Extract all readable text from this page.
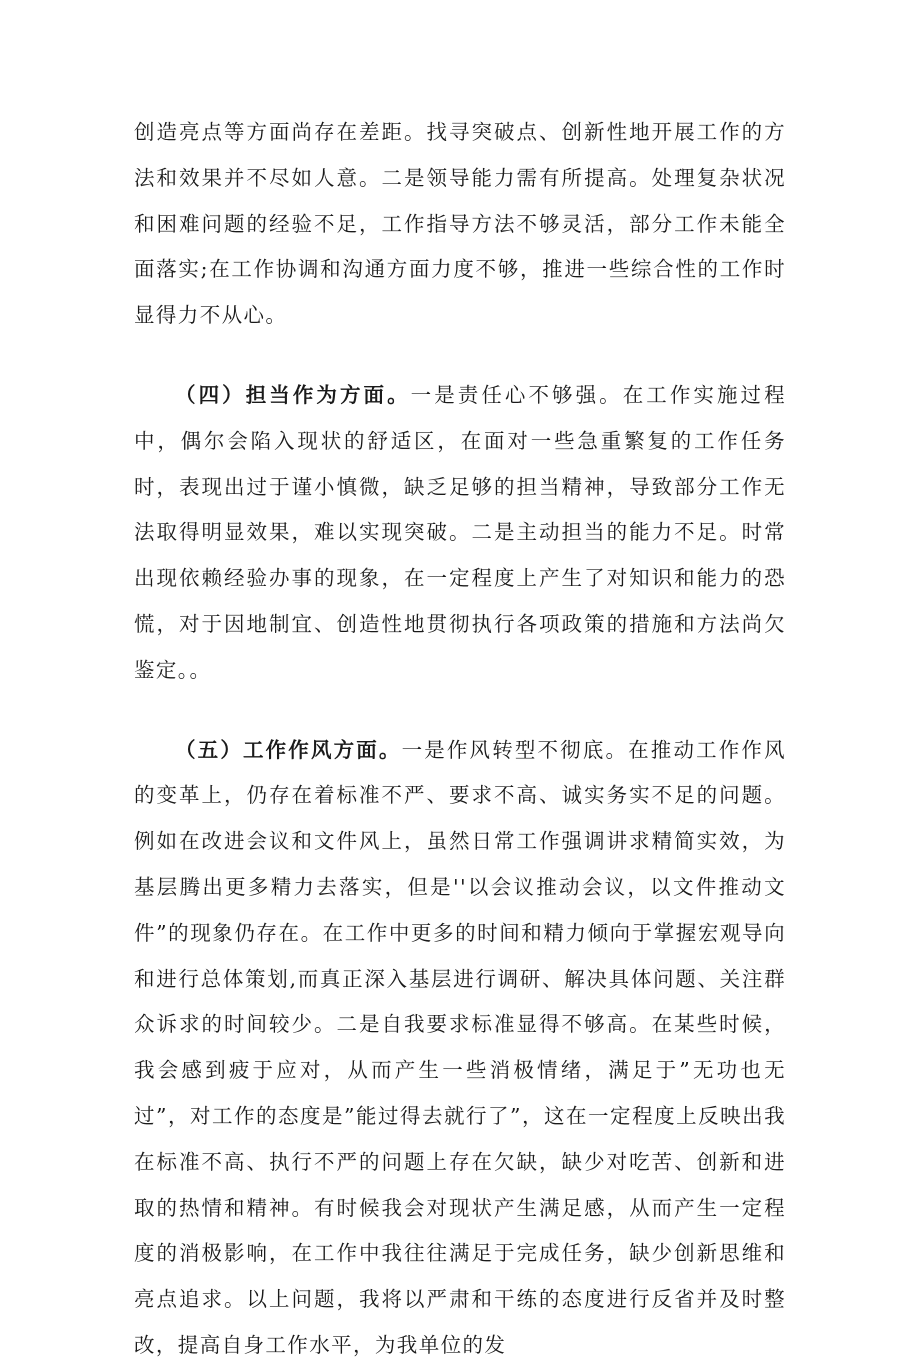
创造亮点等方面尚存在差距。找寻突破点、创新性地开展工作的方法和效果并不尽如人意。二是领导能力需有所提高。处理复杂状况和困难问题的经验不足，工作指导方法不够灵活，部分工作未能全面落实;在工作协调和沟通方面力度不够，推进一些综合性的工作时显得力不从心。

（四）担当作为方面。一是责任心不够强。在工作实施过程中，偶尔会陷入现状的舒适区，在面对一些急重繁复的工作任务时，表现出过于谨小慎微，缺乏足够的担当精神，导致部分工作无法取得明显效果，难以实现突破。二是主动担当的能力不足。时常出现依赖经验办事的现象，在一定程度上产生了对知识和能力的恐慌，对于因地制宜、创造性地贯彻执行各项政策的措施和方法尚欠鉴定。。

（五）工作作风方面。一是作风转型不彻底。在推动工作作风的变革上，仍存在着标准不严、要求不高、诚实务实不足的问题。例如在改进会议和文件风上，虽然日常工作强调讲求精简实效，为基层腾出更多精力去落实，但是''以会议推动会议，以文件推动文件”的现象仍存在。在工作中更多的时间和精力倾向于掌握宏观导向和进行总体策划,而真正深入基层进行调研、解决具体问题、关注群众诉求的时间较少。二是自我要求标准显得不够高。在某些时候，我会感到疲于应对，从而产生一些消极情绪，满足于”无功也无过”，对工作的态度是”能过得去就行了”，这在一定程度上反映出我在标准不高、执行不严的问题上存在欠缺，缺少对吃苦、创新和进取的热情和精神。有时候我会对现状产生满足感，从而产生一定程度的消极影响，在工作中我往往满足于完成任务，缺少创新思维和亮点追求。以上问题，我将以严肃和干练的态度进行反省并及时整改，提高自身工作水平，为我单位的发
